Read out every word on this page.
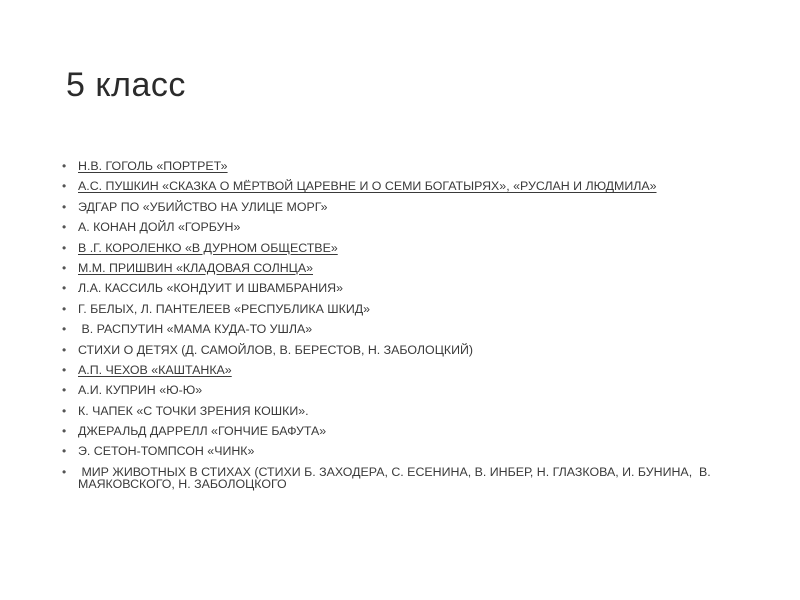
5 класс
• Н.В. ГОГОЛЬ «ПОРТРЕТ»
• А.С. ПУШКИН «СКАЗКА О МЁРТВОЙ ЦАРЕВНЕ И О СЕМИ БОГАТЫРЯХ», «РУСЛАН И ЛЮДМИЛА»
• ЭДГАР ПО «УБИЙСТВО НА УЛИЦЕ МОРГ»
• А. КОНАН ДОЙЛ «ГОРБУН»
• В .Г. КОРОЛЕНКО «В ДУРНОМ ОБЩЕСТВЕ»
• М.М. ПРИШВИН «КЛАДОВАЯ СОЛНЦА»
• Л.А. КАССИЛЬ «КОНДУИТ И ШВАМБРАНИЯ»
• Г. БЕЛЫХ, Л. ПАНТЕЛЕЕВ «РЕСПУБЛИКА ШКИД»
• В. РАСПУТИН «МАМА КУДА-ТО УШЛА»
• СТИХИ О ДЕТЯХ (Д. САМОЙЛОВ, В. БЕРЕСТОВ, Н. ЗАБОЛОЦКИЙ)
• А.П. ЧЕХОВ «КАШТАНКА»
• А.И. КУПРИН «Ю-Ю»
• К. ЧАПЕК «С ТОЧКИ ЗРЕНИЯ КОШКИ».
• ДЖЕРАЛЬД ДАРРЕЛЛ «ГОНЧИЕ БАФУТА»
• Э. СЕТОН-ТОМПСОН «ЧИНК»
• МИР ЖИВОТНЫХ В СТИХАХ (СТИХИ Б. ЗАХОДЕРА, С. ЕСЕНИНА, В. ИНБЕР, Н. ГЛАЗКОВА, И. БУНИНА,  В. МАЯКОВСКОГО, Н. ЗАБОЛОЦКОГО
